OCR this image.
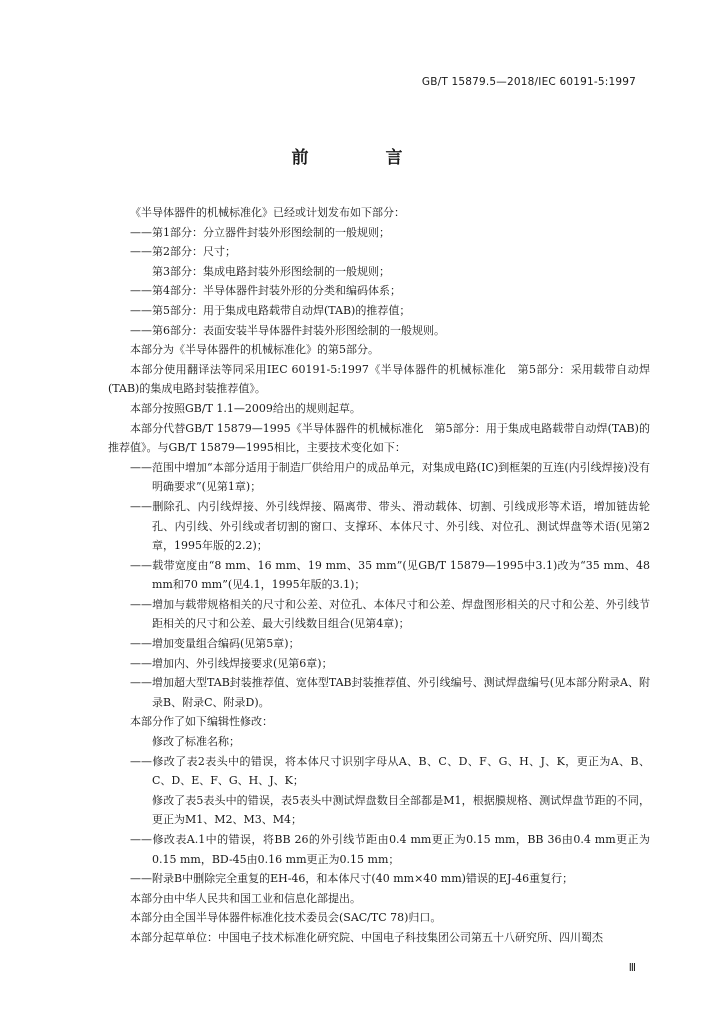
GB/T 15879.5—2018/IEC 60191-5:1997
前　言

《半导体器件的机械标准化》已经或计划发布如下部分：

——第1部分：分立器件封装外形图绘制的一般规则；

——第2部分：尺寸；

第3部分：集成电路封装外形图绘制的一般规则；

——第4部分：半导体器件封装外形的分类和编码体系；

——第5部分：用于集成电路载带自动焊(TAB)的推荐值；

——第6部分：表面安装半导体器件封装外形图绘制的一般规则。

本部分为《半导体器件的机械标准化》的第5部分。

本部分使用翻译法等同采用IEC 60191-5:1997《半导体器件的机械标准化　第5部分：采用载带自动焊(TAB)的集成电路封装推荐值》。

本部分按照GB/T 1.1—2009给出的规则起草。

本部分代替GB/T 15879—1995《半导体器件的机械标准化　第5部分：用于集成电路载带自动焊(TAB)的推荐值》。与GB/T 15879—1995相比，主要技术变化如下：

——范围中增加“本部分适用于制造厂供给用户的成品单元，对集成电路(IC)到框架的互连(内引线焊接)没有明确要求”(见第1章)；

——删除孔、内引线焊接、外引线焊接、隔离带、带头、滑动载体、切割、引线成形等术语，增加链齿轮孔、内引线、外引线或者切割的窗口、支撑环、本体尺寸、外引线、对位孔、测试焊盘等术语(见第2章，1995年版的2.2)；

——载带宽度由“8 mm、16 mm、19 mm、35 mm”(见GB/T 15879—1995中3.1)改为“35 mm、48 mm和70 mm”(见4.1，1995年版的3.1)；

——增加与载带规格相关的尺寸和公差、对位孔、本体尺寸和公差、焊盘图形相关的尺寸和公差、外引线节距相关的尺寸和公差、最大引线数目组合(见第4章)；

——增加变量组合编码(见第5章)；

——增加内、外引线焊接要求(见第6章)；

——增加超大型TAB封装推荐值、宽体型TAB封装推荐值、外引线编号、测试焊盘编号(见本部分附录A、附录B、附录C、附录D)。

本部分作了如下编辑性修改：

修改了标准名称；

——修改了表2表头中的错误，将本体尺寸识别字母从A、B、C、D、F、G、H、J、K，更正为A、B、C、D、E、F、G、H、J、K；

修改了表5表头中的错误，表5表头中测试焊盘数目全部都是M1，根据膜规格、测试焊盘节距的不同，更正为M1、M2、M3、M4；

——修改表A.1中的错误，将BB 26的外引线节距由0.4 mm更正为0.15 mm，BB 36由0.4 mm更正为0.15 mm，BD-45由0.16 mm更正为0.15 mm；

——附录B中删除完全重复的EH-46，和本体尺寸(40 mm×40 mm)错误的EJ-46重复行；

本部分由中华人民共和国工业和信息化部提出。

本部分由全国半导体器件标准化技术委员会(SAC/TC 78)归口。

本部分起草单位：中国电子技术标准化研究院、中国电子科技集团公司第五十八研究所、四川蜀杰

Ⅲ
